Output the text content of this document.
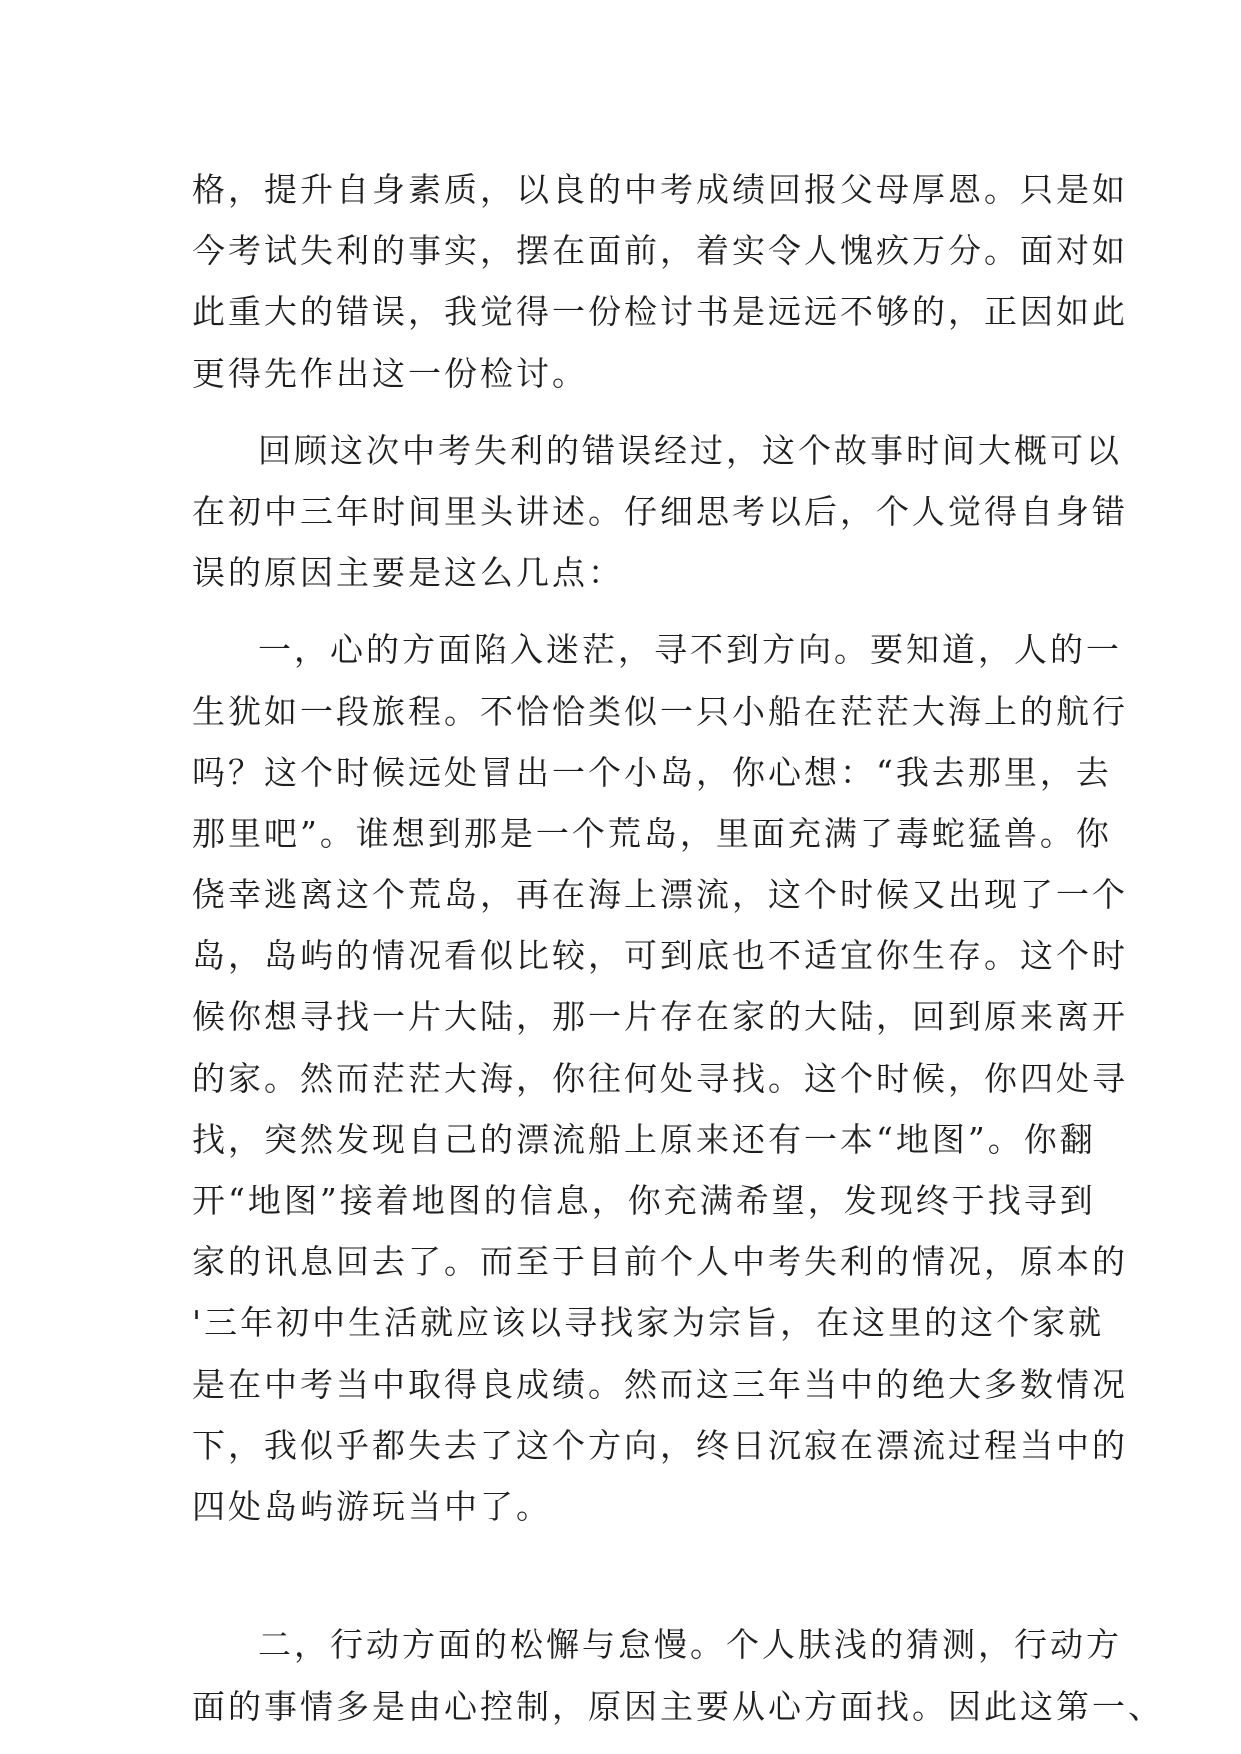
格，提升自身素质，以良的中考成绩回报父母厚恩。只是如
今考试失利的事实，摆在面前，着实令人愧疚万分。面对如
此重大的错误，我觉得一份检讨书是远远不够的，正因如此
更得先作出这一份检讨。
回顾这次中考失利的错误经过，这个故事时间大概可以
在初中三年时间里头讲述。仔细思考以后，个人觉得自身错
误的原因主要是这么几点：
一，心的方面陷入迷茫，寻不到方向。要知道，人的一
生犹如一段旅程。不恰恰类似一只小船在茫茫大海上的航行
吗？这个时候远处冒出一个小岛，你心想：“我去那里，去
那里吧”。谁想到那是一个荒岛，里面充满了毒蛇猛兽。你
侥幸逃离这个荒岛，再在海上漂流，这个时候又出现了一个
岛，岛屿的情况看似比较，可到底也不适宜你生存。这个时
候你想寻找一片大陆，那一片存在家的大陆，回到原来离开
的家。然而茫茫大海，你往何处寻找。这个时候，你四处寻
找，突然发现自己的漂流船上原来还有一本“地图”。你翻
开“地图”接着地图的信息，你充满希望，发现终于找寻到
家的讯息回去了。而至于目前个人中考失利的情况，原本的
'三年初中生活就应该以寻找家为宗旨，在这里的这个家就
是在中考当中取得良成绩。然而这三年当中的绝大多数情况
下，我似乎都失去了这个方向，终日沉寂在漂流过程当中的
四处岛屿游玩当中了。
二，行动方面的松懈与怠慢。个人肤浅的猜测，行动方
面的事情多是由心控制，原因主要从心方面找。因此这第一、
